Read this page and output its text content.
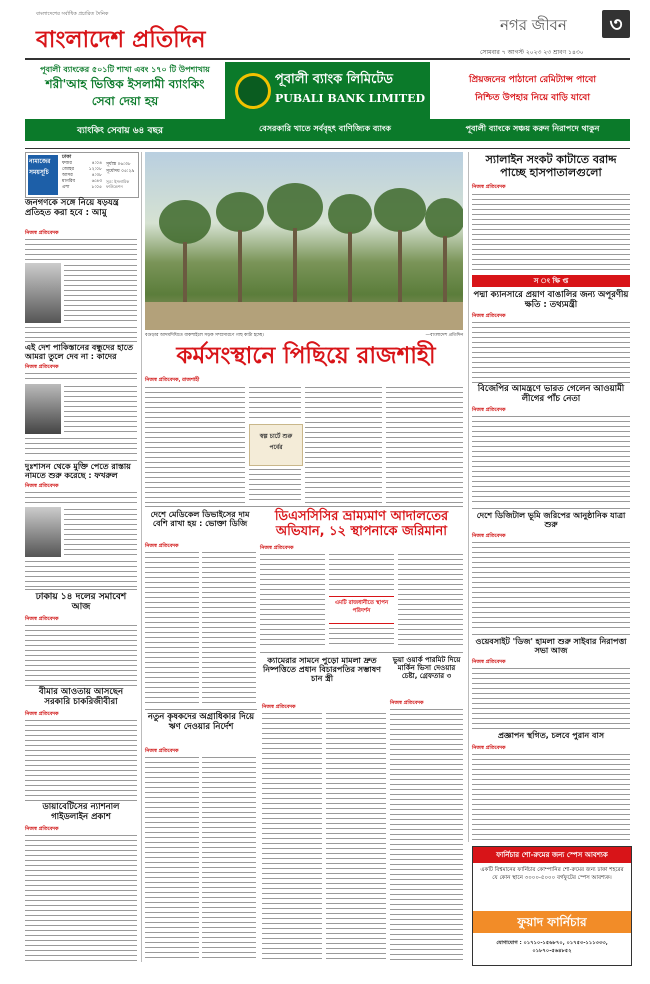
বাংলাদেশের সর্বাধিক প্রচারিত দৈনিক
বাংলাদেশ প্রতিদিন
নগর জীবন	৩
সোমবার ৭ আগস্ট ২০২৩ ২৩ শ্রাবণ ১৪৩০
পূবালী ব্যাংকের ৫০১টি শাখা এবং ১৭০ টি উপশাখায়
শরী'আহ ভিত্তিক ইসলামী ব্যাংকিং
সেবা দেয়া হয়
পূবালী ব্যাংক লিমিটেড
PUBALI BANK LIMITED
প্রিয়জনের পাঠানো রেমিট্যান্স পাবো
নিশ্চিত উপহার নিয়ে বাড়ি যাবো
ব্যাংকিং সেবায় ৬৪ বছর	বেসরকারি খাতে সর্ববৃহৎ বাণিজ্যিক ব্যাংক	পূবালী ব্যাংকে সঞ্চয় করুন নিরাপদে থাকুন
নামাজের সময়সূচি
ঢাকা
ফজর	৪:০৪
জোহর	১২:০৮
আসর	৪:৩৮
মাগরিব	৬:৪৩
এশা	৮:০৫
সূর্যাস্ত ০৬:৩৮
সূর্যোদয় ০৫:২৯
সূত্র: ইসলামিক ফাউন্ডেশন
জনগণকে সঙ্গে নিয়ে ষড়যন্ত্র প্রতিহত করা হবে : আমু
নিজস্ব প্রতিবেদক
এই দেশ পাকিস্তানের বন্ধুদের হাতে আমরা তুলে দেব না : কাদের
নিজস্ব প্রতিবেদক
দুঃশাসন থেকে মুক্তি পেতে রাস্তায় নামতে শুরু করেছে : ফখরুল
নিজস্ব প্রতিবেদক
ঢাকায় ১৪ দলের সমাবেশ আজ
নিজস্ব প্রতিবেদক
বীমার আওতায় আসছেন সরকারি চাকরিজীবীরা
নিজস্ব প্রতিবেদক
ডায়াবেটিসের ন্যাশনাল গাইডলাইন প্রকাশ
নিজস্ব প্রতিবেদক
বগুড়ার আদমদিঘিতে বাকশাইলে সড়ক সম্প্রসারণে গাছ কাটা হচ্ছে।	—বাংলাদেশ প্রতিদিন
কর্মসংস্থানে পিছিয়ে রাজশাহী
নিজস্ব প্রতিবেদক, রাজশাহী
স্বল্প চার্টে শুরু পর্বের
দেশে মেডিকেল ডিভাইসের দাম বেশি রাখা হয় : ভোক্তা ডিজি
নিজস্ব প্রতিবেদক
ডিএসসিসির ভ্রাম্যমাণ আদালতের অভিযান, ১২ স্থাপনাকে জরিমানা
নিজস্ব প্রতিবেদক
এমটি রাজধানীতে স্থাপন পরিদর্শন
ক্যামেরার সামনে পুড়ো মামলা দ্রুত নিষ্পত্তিতে প্রধান বিচারপতির সম্ভাষণ চান স্ত্রী
নিজস্ব প্রতিবেদক
ভুয়া ওয়ার্ক পারমিট দিয়ে মার্কিন ভিসা দেওয়ার চেষ্টা, গ্রেফতার ৩
নিজস্ব প্রতিবেদক
নতুন কৃষকদের অগ্রাধিকার দিয়ে ঋণ দেওয়ার নির্দেশ
নিজস্ব প্রতিবেদক
স্যালাইন সংকট কাটাতে বরাদ্দ পাচ্ছে হাসপাতালগুলো
নিজস্ব প্রতিবেদক
স ং ক্ষি প্ত
পদ্মা ক্যানসারে প্রয়াণ বাঙালির জন্য অপূরণীয় ক্ষতি : তথ্যমন্ত্রী
নিজস্ব প্রতিবেদক
বিজেপির আমন্ত্রণে ভারত গেলেন আওয়ামী লীগের পাঁচ নেতা
নিজস্ব প্রতিবেদক
দেশে ডিজিটাল ভূমি জরিপের আনুষ্ঠানিক যাত্রা শুরু
নিজস্ব প্রতিবেদক
ওয়েবসাইট 'ডিজ' হামলা শুরু সাইবার নিরাপত্তা সভা আজ
নিজস্ব প্রতিবেদক
প্রজ্ঞাপন স্থগিত, চলবে পুরান বাস
নিজস্ব প্রতিবেদক
ফার্নিচার শো-রুমের জন্য স্পেস আবশ্যক
একটি বিশ্বমানের ফার্নিচার কোম্পানির শো-রুমের জন্য ঢাকা শহরের যে কোন স্থানে ৩০০০-৫০০০ বর্গফুটের স্পেস আবশ্যক।
ফুয়াদ ফার্নিচার
যোগাযোগ : ০১৭১০-১৫৬৮৭০, ০১৭৫৩-১১১৩৩৩, ০১৮৭০-৫৬৪৮৫২
